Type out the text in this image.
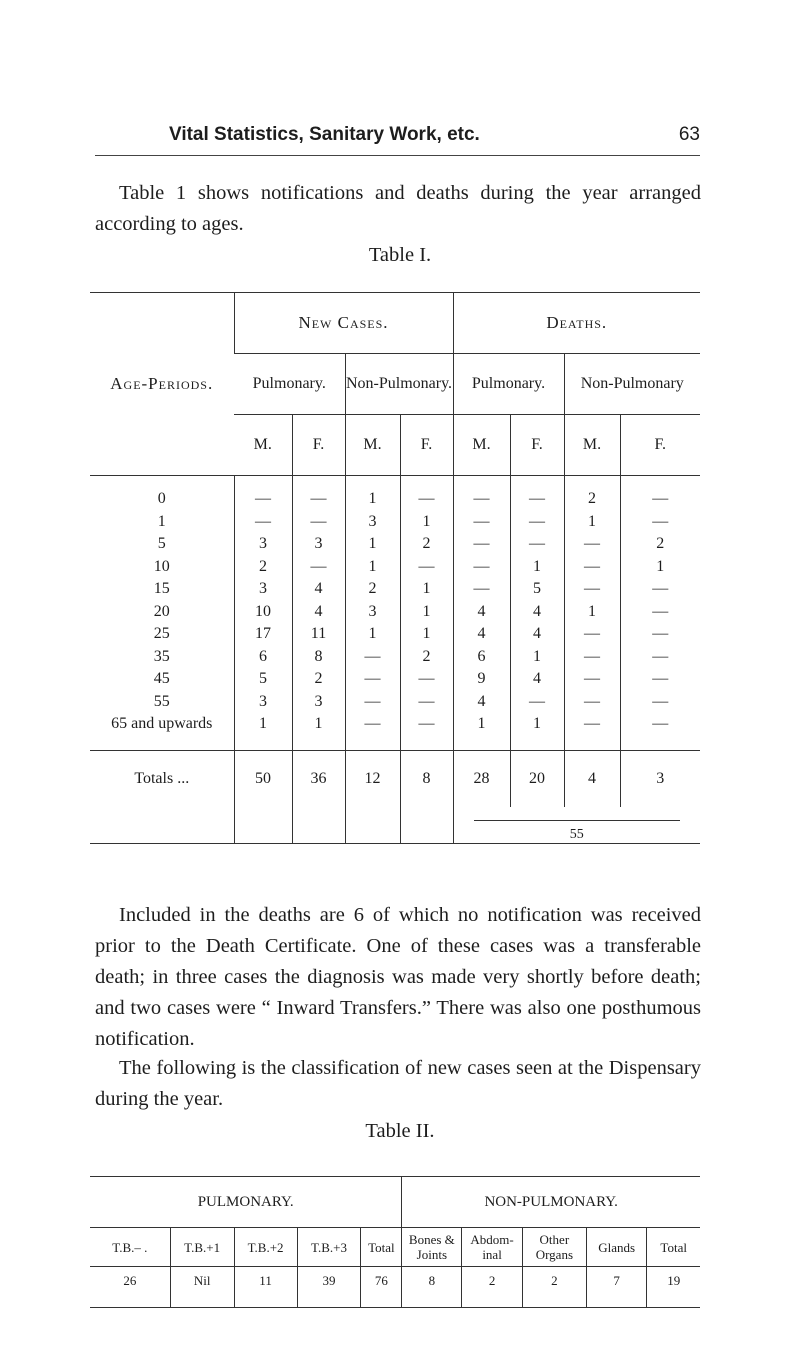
Vital Statistics, Sanitary Work, etc.	63
Table 1 shows notifications and deaths during the year arranged according to ages.
Table I.
Age-Periods.	New Cases.				Deaths.			
	Pulmonary.		Non-Pulmonary.		Pulmonary.		Non-Pulmonary	
	M.	F.	M.	F.	M.	F.	M.	F.
0	—	—	1	—	—	—	2	—
1	—	—	3	1	—	—	1	—
5	3	3	1	2	—	—	—	2
10	2	—	1	—	—	1	—	1
15	3	4	2	1	—	5	—	—
20	10	4	3	1	4	4	1	—
25	17	11	1	1	4	4	—	—
35	6	8	—	2	6	1	—	—
45	5	2	—	—	9	4	—	—
55	3	3	—	—	4	—	—	—
65 and upwards	1	1	—	—	1	1	—	—
Totals ...	50	36	12	8	28	20	4	3

55			
Included in the deaths are 6 of which no notification was received prior to the Death Certificate. One of these cases was a transferable death; in three cases the diagnosis was made very shortly before death; and two cases were “ Inward Transfers.” There was also one posthumous notification.
The following is the classification of new cases seen at the Dispensary during the year.
Table II.
PULMONARY.					NON-PULMONARY.				
T.B.– .	T.B.+1	T.B.+2	T.B.+3	Total	Bones & Joints	Abdom-inal	Other Organs	Glands	Total
26	Nil	11	39	76	8	2	2	7	19
